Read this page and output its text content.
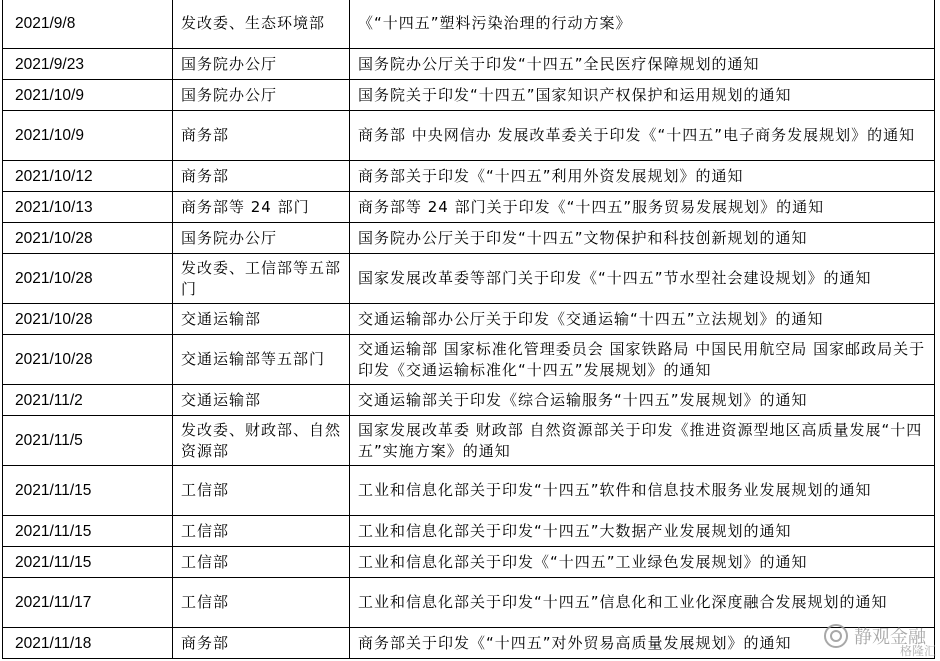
2021/9/8	发改委、生态环境部	《“十四五”塑料污染治理的行动方案》
2021/9/23	国务院办公厅	国务院办公厅关于印发“十四五”全民医疗保障规划的通知
2021/10/9	国务院办公厅	国务院关于印发“十四五”国家知识产权保护和运用规划的通知
2021/10/9	商务部	商务部 中央网信办 发展改革委关于印发《“十四五”电子商务发展规划》的通知
2021/10/12	商务部	商务部关于印发《“十四五”利用外资发展规划》的通知
2021/10/13	商务部等 24 部门	商务部等 24 部门关于印发《“十四五”服务贸易发展规划》的通知
2021/10/28	国务院办公厅	国务院办公厅关于印发“十四五”文物保护和科技创新规划的通知
2021/10/28	发改委、工信部等五部门	国家发展改革委等部门关于印发《“十四五”节水型社会建设规划》的通知
2021/10/28	交通运输部	交通运输部办公厅关于印发《交通运输“十四五”立法规划》的通知
2021/10/28	交通运输部等五部门	交通运输部 国家标准化管理委员会 国家铁路局 中国民用航空局 国家邮政局关于印发《交通运输标准化“十四五”发展规划》的通知
2021/11/2	交通运输部	交通运输部关于印发《综合运输服务“十四五”发展规划》的通知
2021/11/5	发改委、财政部、自然资源部	国家发展改革委 财政部 自然资源部关于印发《推进资源型地区高质量发展“十四五”实施方案》的通知
2021/11/15	工信部	工业和信息化部关于印发“十四五”软件和信息技术服务业发展规划的通知
2021/11/15	工信部	工业和信息化部关于印发“十四五”大数据产业发展规划的通知
2021/11/15	工信部	工业和信息化部关于印发《“十四五”工业绿色发展规划》的通知
2021/11/17	工信部	工业和信息化部关于印发“十四五”信息化和工业化深度融合发展规划的通知
2021/11/18	商务部	商务部关于印发《“十四五”对外贸易高质量发展规划》的通知	静观金融
格隆汇
